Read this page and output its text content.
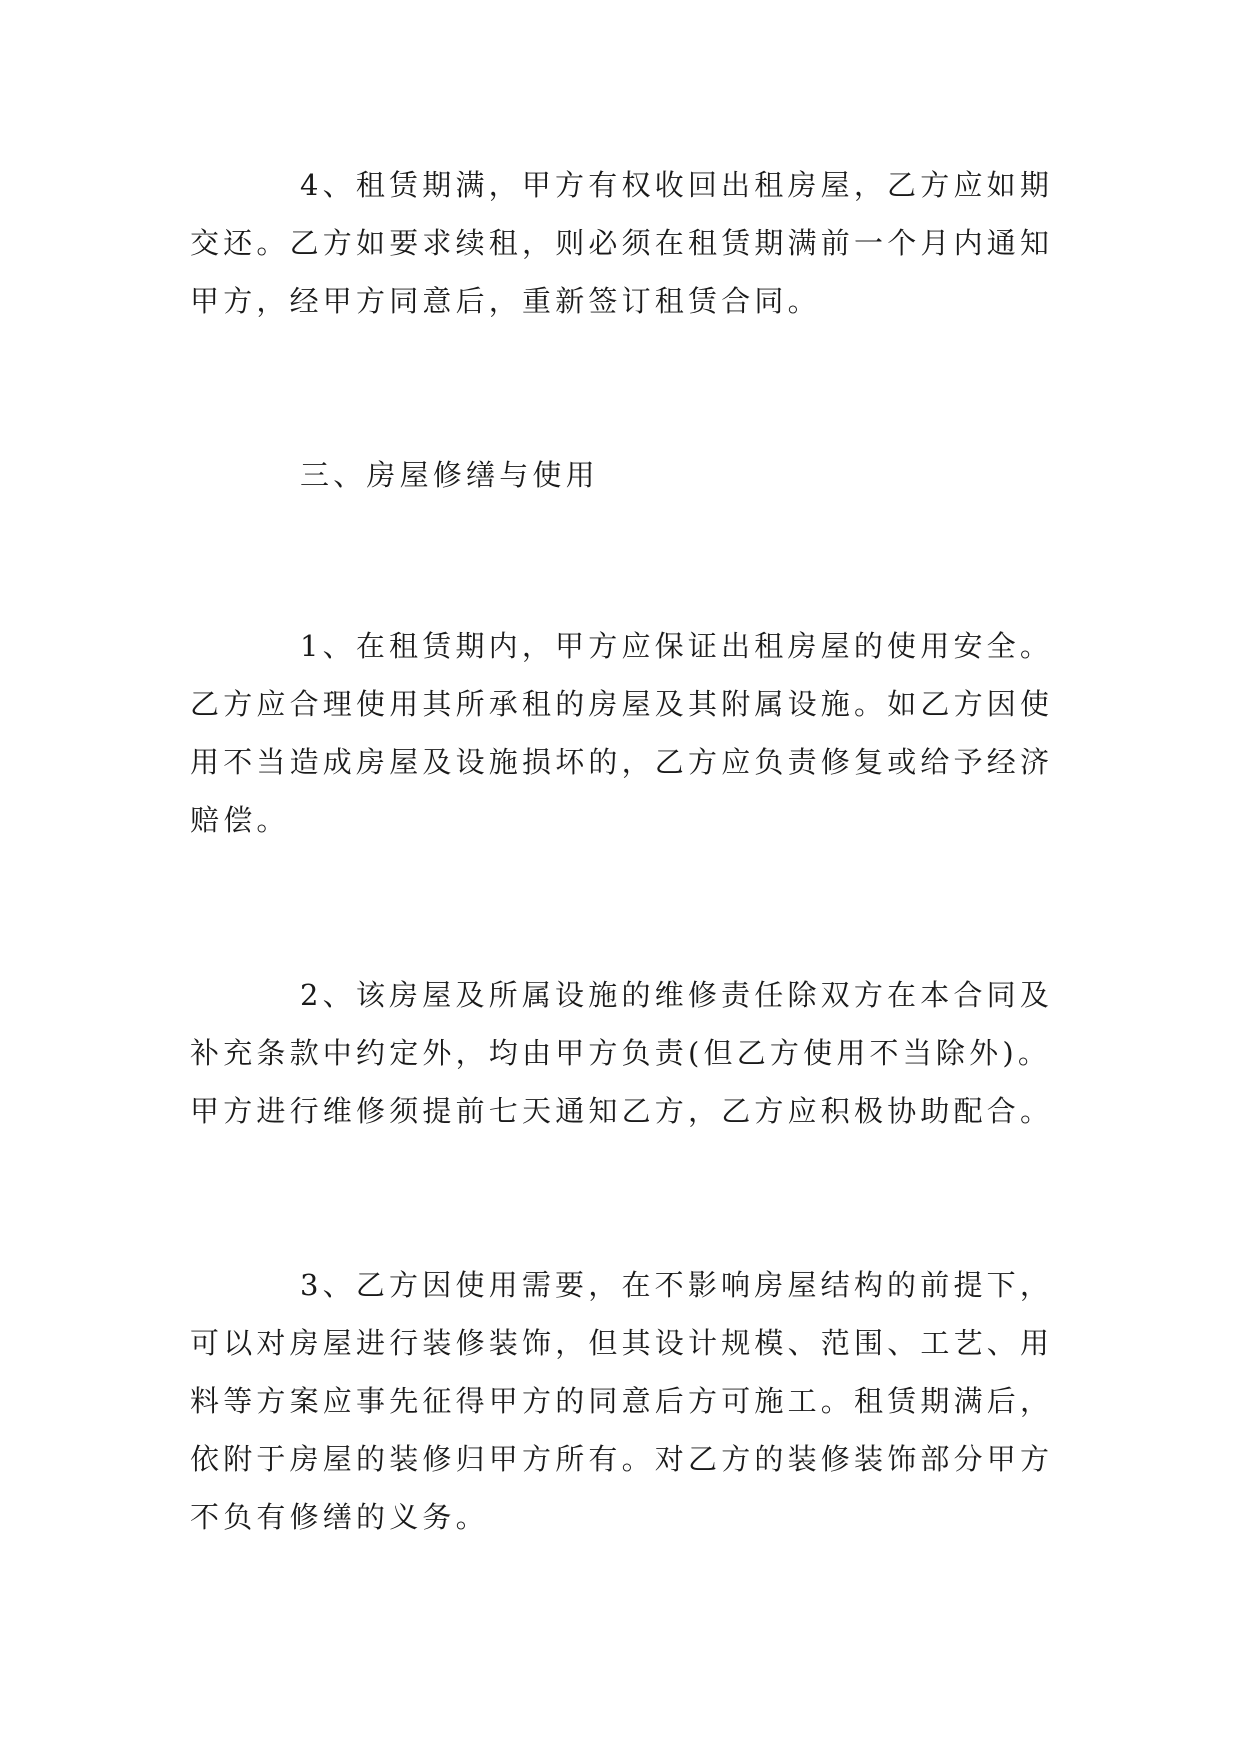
4、租赁期满，甲方有权收回出租房屋，乙方应如期
交还。乙方如要求续租，则必须在租赁期满前一个月内通知
甲方，经甲方同意后，重新签订租赁合同。

三、房屋修缮与使用

1、在租赁期内，甲方应保证出租房屋的使用安全。
乙方应合理使用其所承租的房屋及其附属设施。如乙方因使
用不当造成房屋及设施损坏的，乙方应负责修复或给予经济
赔偿。

2、该房屋及所属设施的维修责任除双方在本合同及
补充条款中约定外，均由甲方负责(但乙方使用不当除外)。
甲方进行维修须提前七天通知乙方，乙方应积极协助配合。

3、乙方因使用需要，在不影响房屋结构的前提下，
可以对房屋进行装修装饰，但其设计规模、范围、工艺、用
料等方案应事先征得甲方的同意后方可施工。租赁期满后，
依附于房屋的装修归甲方所有。对乙方的装修装饰部分甲方
不负有修缮的义务。
